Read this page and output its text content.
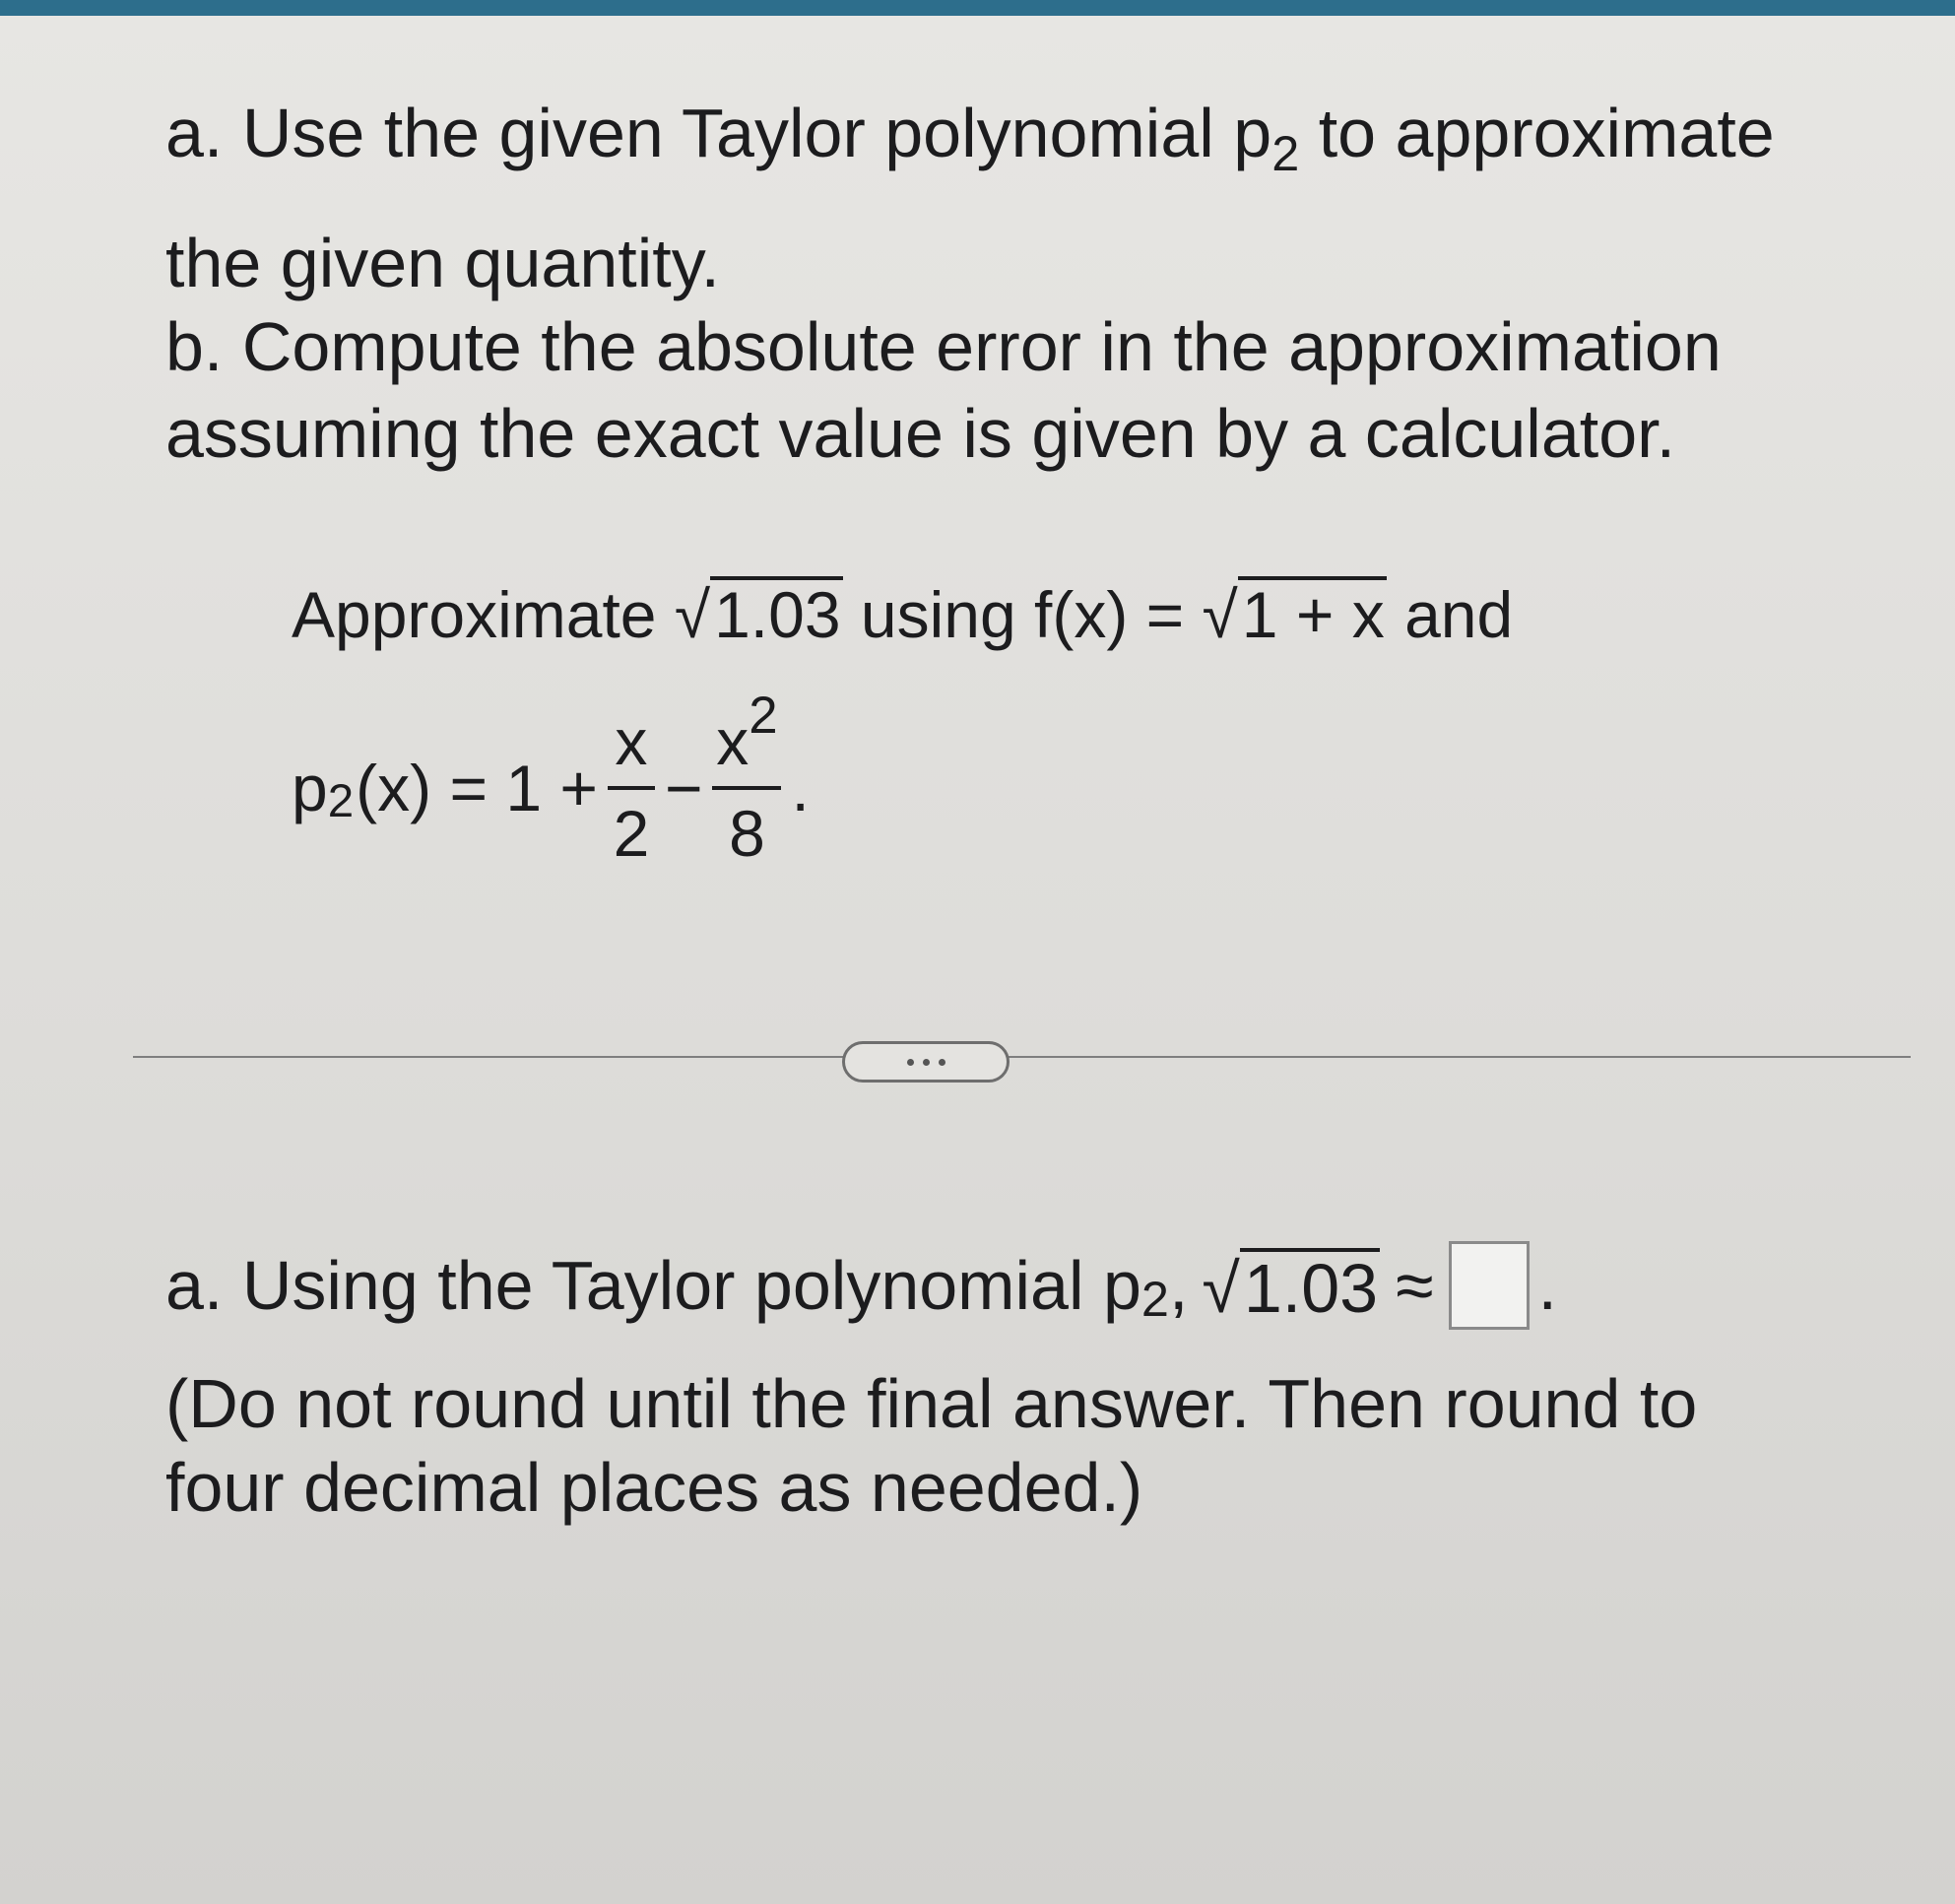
a. Use the given Taylor polynomial $p_2$ to approximate
the given quantity.
b. Compute the absolute error in the approximation
assuming the exact value is given by a calculator.
Approximate √1.03 using f(x) = √1 + x and
p 2 $(x) = 1 + \frac{x}{2} - \frac{x^2}{8}$ .
a. Using the Taylor polynomial p 2 , √1.03 ≈ .
(Do not round until the final answer. Then round to
four decimal places as needed.)
